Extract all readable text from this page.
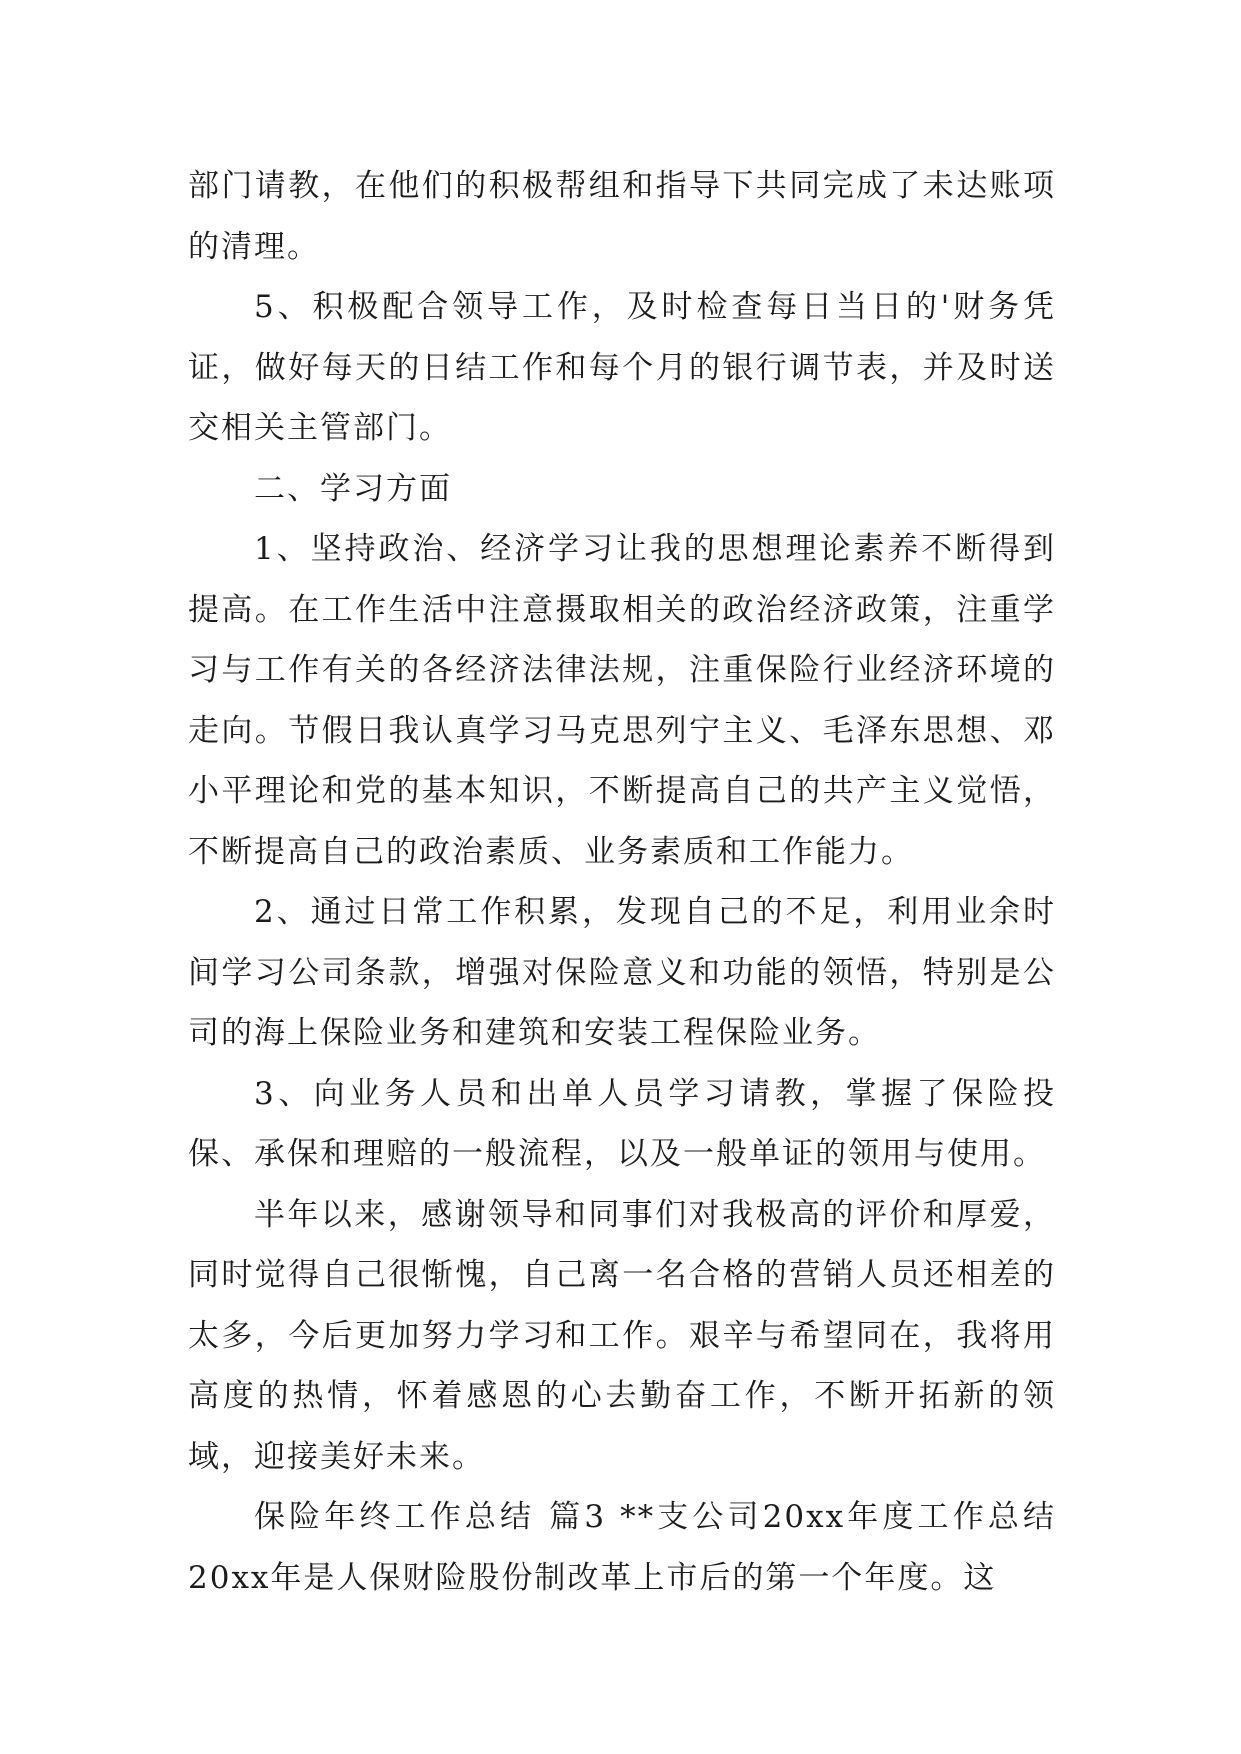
部门请教，在他们的积极帮组和指导下共同完成了未达账项的清理。

5、积极配合领导工作，及时检查每日当日的'财务凭证，做好每天的日结工作和每个月的银行调节表，并及时送交相关主管部门。

二、学习方面

1、坚持政治、经济学习让我的思想理论素养不断得到提高。在工作生活中注意摄取相关的政治经济政策，注重学习与工作有关的各经济法律法规，注重保险行业经济环境的走向。节假日我认真学习马克思列宁主义、毛泽东思想、邓小平理论和党的基本知识，不断提高自己的共产主义觉悟，不断提高自己的政治素质、业务素质和工作能力。

2、通过日常工作积累，发现自己的不足，利用业余时间学习公司条款，增强对保险意义和功能的领悟，特别是公司的海上保险业务和建筑和安装工程保险业务。

3、向业务人员和出单人员学习请教，掌握了保险投保、承保和理赔的一般流程，以及一般单证的领用与使用。

半年以来，感谢领导和同事们对我极高的评价和厚爱，同时觉得自己很惭愧，自己离一名合格的营销人员还相差的太多，今后更加努力学习和工作。艰辛与希望同在，我将用高度的热情，怀着感恩的心去勤奋工作，不断开拓新的领域，迎接美好未来。

保险年终工作总结 篇3 **支公司20xx年度工作总结 20xx年是人保财险股份制改革上市后的第一个年度。这
